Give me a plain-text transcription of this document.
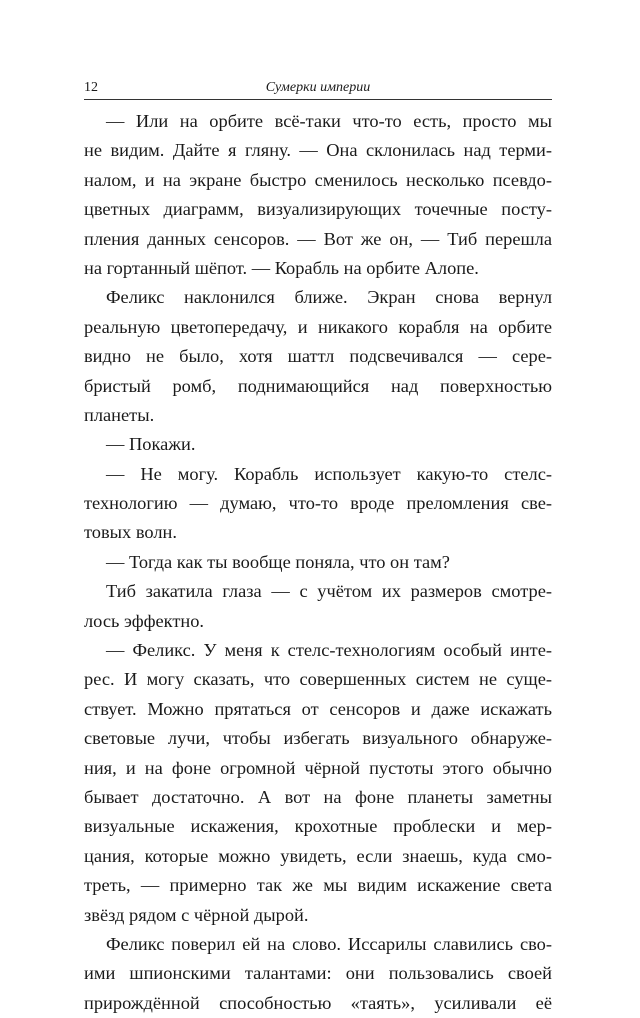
12	Сумерки империи
— Или на орбите всё-таки что-то есть, просто мы
не видим. Дайте я гляну. — Она склонилась над терми-
налом, и на экране быстро сменилось несколько псевдо-
цветных диаграмм, визуализирующих точечные посту-
пления данных сенсоров. — Вот же он, — Тиб перешла
на гортанный шёпот. — Корабль на орбите Алопе.
Феликс наклонился ближе. Экран снова вернул
реальную цветопередачу, и никакого корабля на орбите
видно не было, хотя шаттл подсвечивался — сере-
бристый ромб, поднимающийся над поверхностью
планеты.
— Покажи.
— Не могу. Корабль использует какую-то стелс-
технологию — думаю, что-то вроде преломления све-
товых волн.
— Тогда как ты вообще поняла, что он там?
Тиб закатила глаза — с учётом их размеров смотре-
лось эффектно.
— Феликс. У меня к стелс-технологиям особый инте-
рес. И могу сказать, что совершенных систем не суще-
ствует. Можно прятаться от сенсоров и даже искажать
световые лучи, чтобы избегать визуального обнаруже-
ния, и на фоне огромной чёрной пустоты этого обычно
бывает достаточно. А вот на фоне планеты заметны
визуальные искажения, крохотные проблески и мер-
цания, которые можно увидеть, если знаешь, куда смо-
треть, — примерно так же мы видим искажение света
звёзд рядом с чёрной дырой.
Феликс поверил ей на слово. Иссарилы славились сво-
ими шпионскими талантами: они пользовались своей
прирождённой способностью «таять», усиливали её
